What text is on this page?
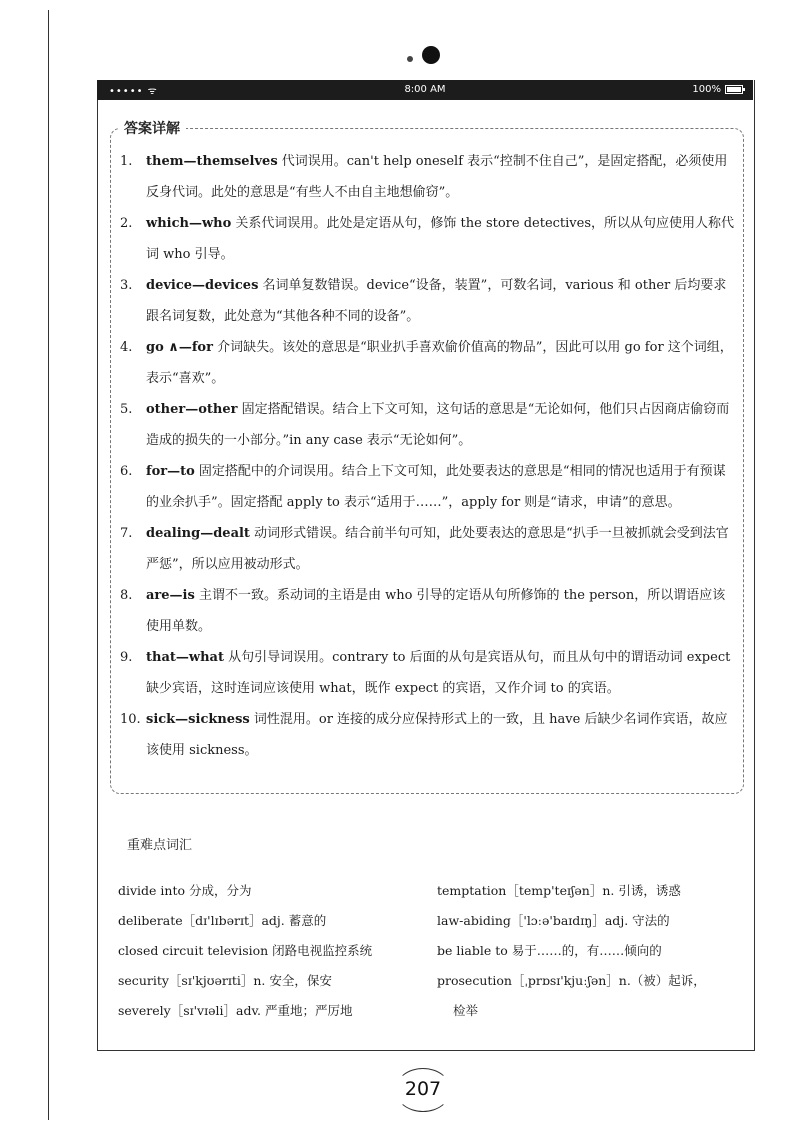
••••• ᯤ	8:00 AM	100%
答案详解
1. them—themselves 代词误用。can't help oneself 表示“控制不住自己”，是固定搭配，必须使用反身代词。此处的意思是“有些人不由自主地想偷窃”。
2. which—who 关系代词误用。此处是定语从句，修饰 the store detectives，所以从句应使用人称代词 who 引导。
3. device—devices 名词单复数错误。device“设备，装置”，可数名词，various 和 other 后均要求跟名词复数，此处意为“其他各种不同的设备”。
4. go ∧—for 介词缺失。该处的意思是“职业扒手喜欢偷价值高的物品”，因此可以用 go for 这个词组，表示“喜欢”。
5. other—other 固定搭配错误。结合上下文可知，这句话的意思是“无论如何，他们只占因商店偷窃而造成的损失的一小部分。”in any case 表示“无论如何”。
6. for—to 固定搭配中的介词误用。结合上下文可知，此处要表达的意思是“相同的情况也适用于有预谋的业余扒手”。固定搭配 apply to 表示“适用于……”，apply for 则是“请求，申请”的意思。
7. dealing—dealt 动词形式错误。结合前半句可知，此处要表达的意思是“扒手一旦被抓就会受到法官严惩”，所以应用被动形式。
8. are—is 主谓不一致。系动词的主语是由 who 引导的定语从句所修饰的 the person，所以谓语应该使用单数。
9. that—what 从句引导词误用。contrary to 后面的从句是宾语从句，而且从句中的谓语动词 expect 缺少宾语，这时连词应该使用 what，既作 expect 的宾语，又作介词 to 的宾语。
10. sick—sickness 词性混用。or 连接的成分应保持形式上的一致，且 have 后缺少名词作宾语，故应该使用 sickness。
重难点词汇
divide into 分成，分为
deliberate［dɪ'lɪbərɪt］adj. 蓄意的
closed circuit television 闭路电视监控系统
security［sɪ'kjʊərɪti］n. 安全，保安
severely［sɪ'vɪəli］adv. 严重地；严厉地
temptation［temp'teɪʃən］n. 引诱，诱惑
law-abiding［'lɔːə'baɪdɪŋ］adj. 守法的
be liable to 易于……的，有……倾向的
prosecution［ˌprɒsɪ'kjuːʃən］n.（被）起诉，
检举
207
